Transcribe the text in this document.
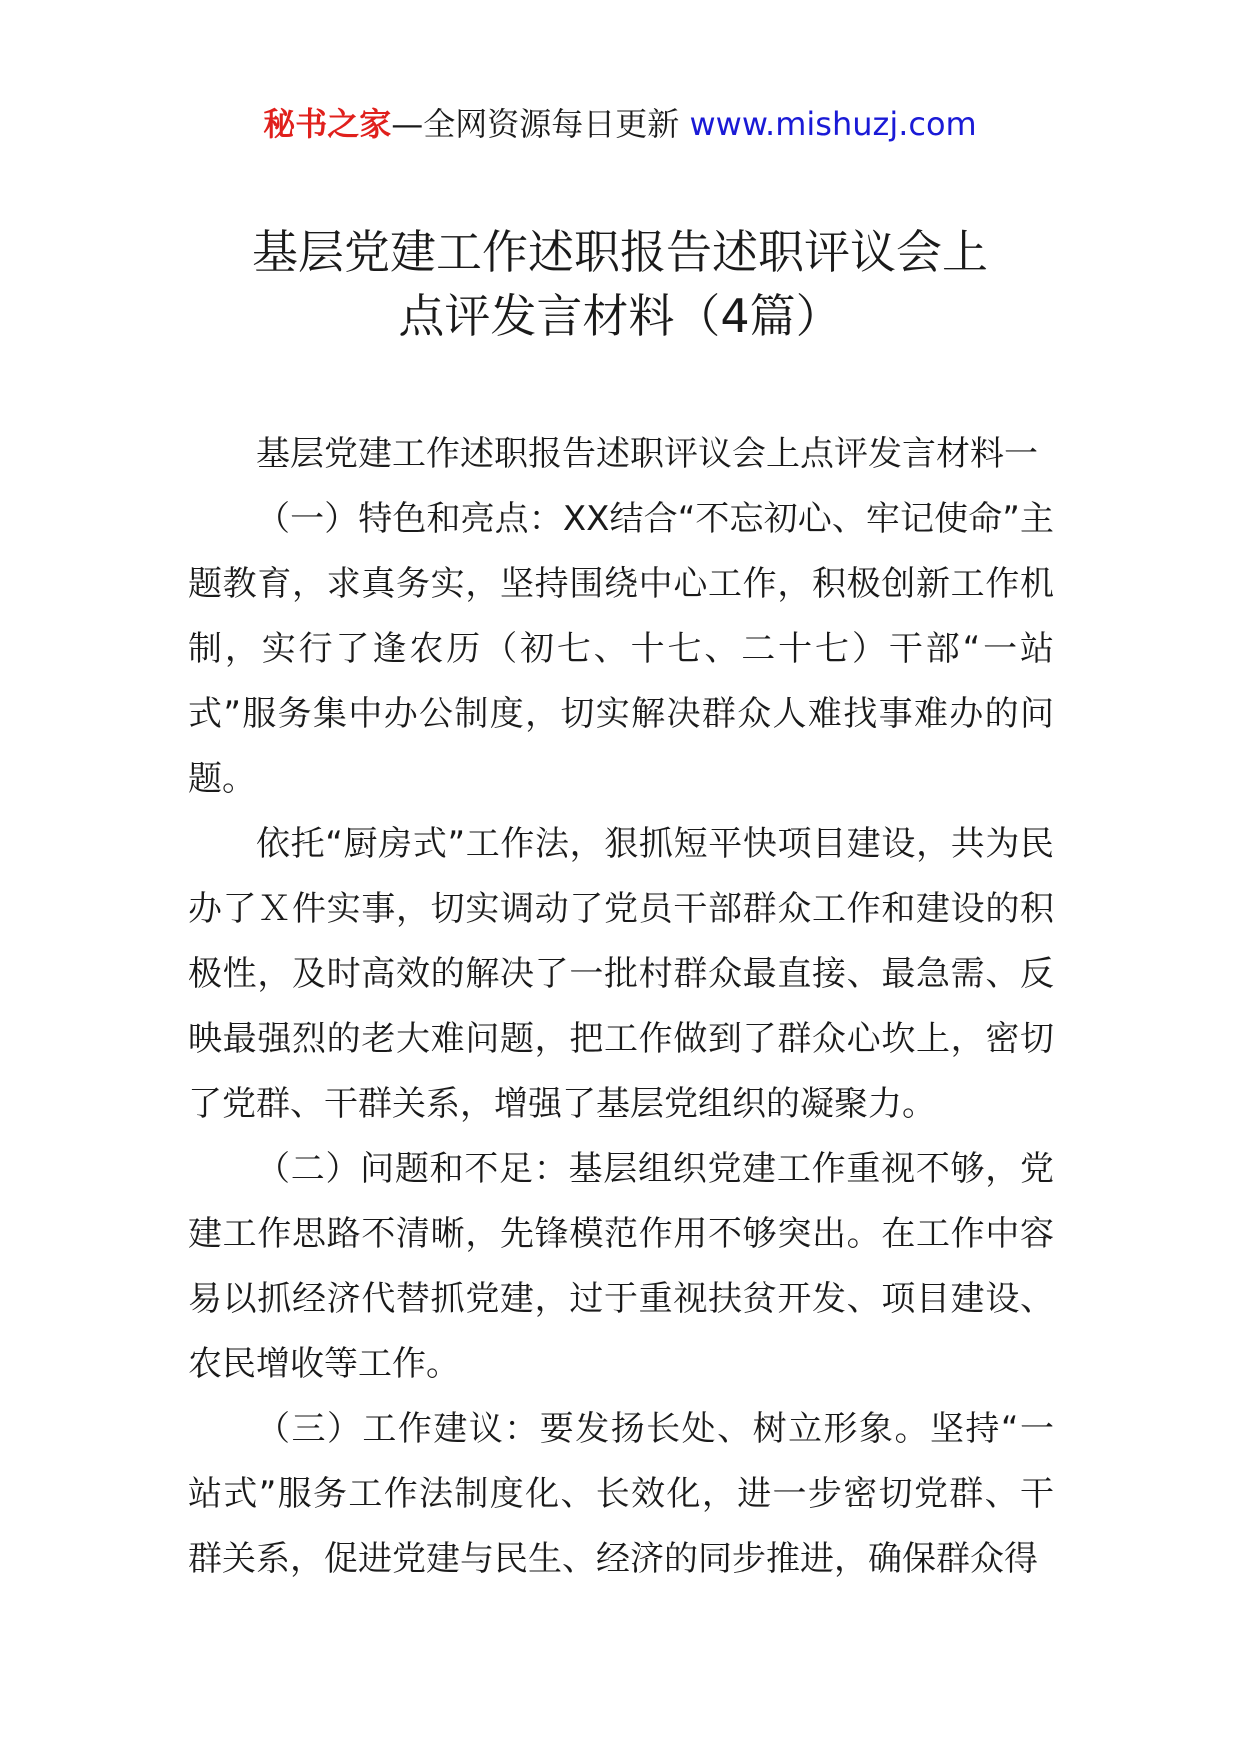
秘书之家—全网资源每日更新 www.mishuzj.com
基层党建工作述职报告述职评议会上
点评发言材料（4篇）

基层党建工作述职报告述职评议会上点评发言材料一

（一）特色和亮点：XX结合“不忘初心、牢记使命”主题教育，求真务实，坚持围绕中心工作，积极创新工作机制，实行了逢农历（初七、十七、二十七）干部“一站式”服务集中办公制度，切实解决群众人难找事难办的问题。

依托“厨房式”工作法，狠抓短平快项目建设，共为民办了Ｘ件实事，切实调动了党员干部群众工作和建设的积极性，及时高效的解决了一批村群众最直接、最急需、反映最强烈的老大难问题，把工作做到了群众心坎上，密切了党群、干群关系，增强了基层党组织的凝聚力。

（二）问题和不足：基层组织党建工作重视不够，党建工作思路不清晰，先锋模范作用不够突出。在工作中容易以抓经济代替抓党建，过于重视扶贫开发、项目建设、农民增收等工作。

（三）工作建议：要发扬长处、树立形象。坚持“一站式”服务工作法制度化、长效化，进一步密切党群、干群关系，促进党建与民生、经济的同步推进，确保群众得
